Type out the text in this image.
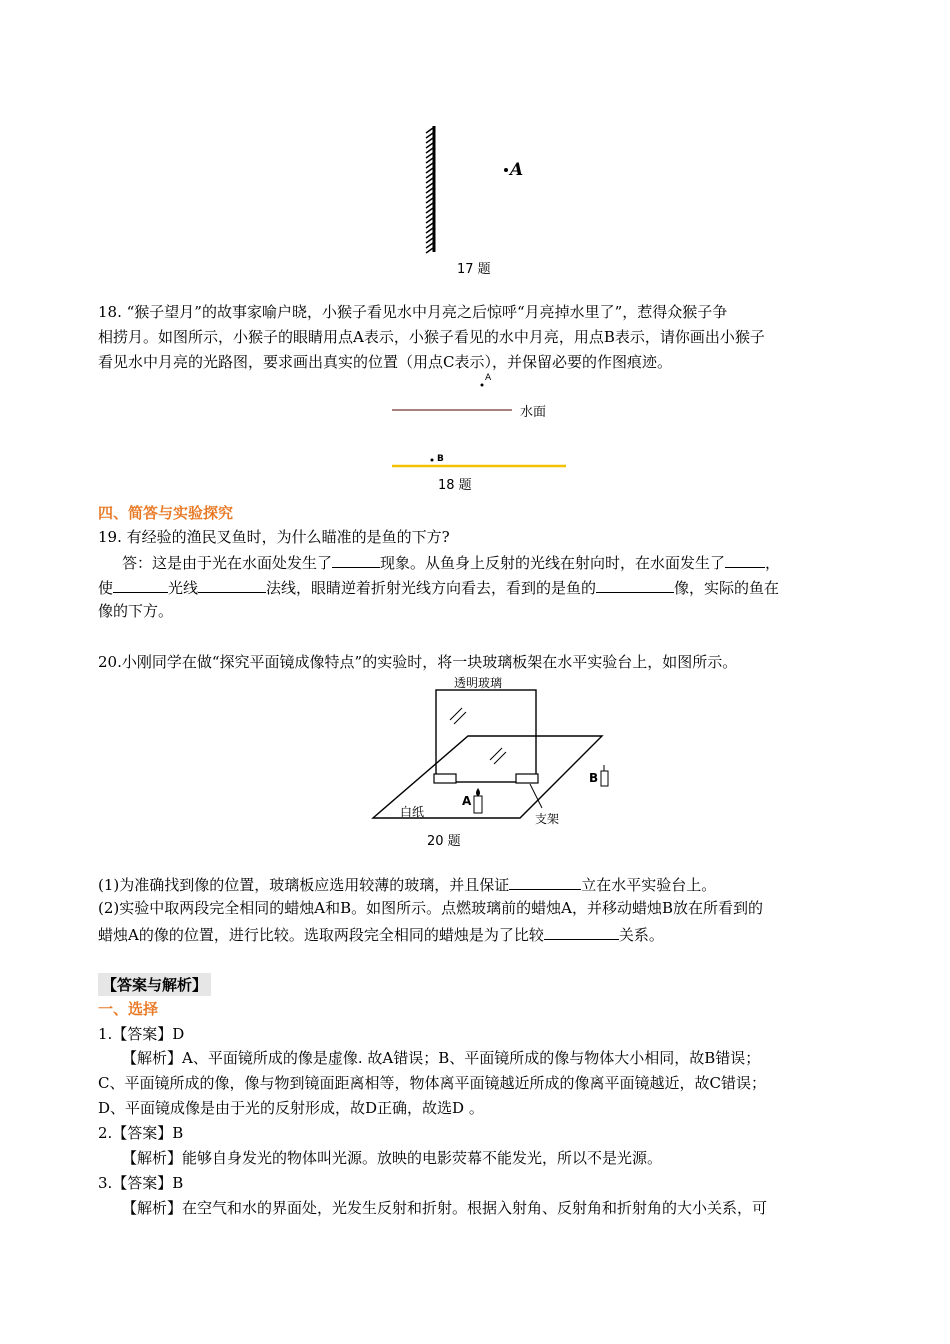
A
17 题
18. “猴子望月”的故事家喻户晓，小猴子看见水中月亮之后惊呼“月亮掉水里了”，惹得众猴子争
相捞月。如图所示，小猴子的眼睛用点A表示，小猴子看见的水中月亮，用点B表示，请你画出小猴子
看见水中月亮的光路图，要求画出真实的位置（用点C表示），并保留必要的作图痕迹。
A
水面
B
18 题
四、简答与实验探究
19. 有经验的渔民叉鱼时，为什么瞄准的是鱼的下方?
答：这是由于光在水面处发生了	现象。从鱼身上反射的光线在射向时，在水面发生了	，
使	光线	法线，眼睛逆着折射光线方向看去，看到的是鱼的	像，实际的鱼在
像的下方。
20.小刚同学在做“探究平面镜成像特点”的实验时，将一块玻璃板架在水平实验台上，如图所示。
透明玻璃
白纸
A
B
支架
20 题
(1)为准确找到像的位置，玻璃板应选用较薄的玻璃，并且保证	立在水平实验台上。
(2)实验中取两段完全相同的蜡烛A和B。如图所示。点燃玻璃前的蜡烛A，并移动蜡烛B放在所看到的
蜡烛A的像的位置，进行比较。选取两段完全相同的蜡烛是为了比较	关系。
【答案与解析】
一、选择
1.【答案】D
【解析】A、平面镜所成的像是虚像. 故A错误；B、平面镜所成的像与物体大小相同，故B错误；
C、平面镜所成的像，像与物到镜面距离相等，物体离平面镜越近所成的像离平面镜越近，故C错误；
D、平面镜成像是由于光的反射形成，故D正确，故选D 。
2.【答案】B
【解析】能够自身发光的物体叫光源。放映的电影荧幕不能发光，所以不是光源。
3.【答案】B
【解析】在空气和水的界面处，光发生反射和折射。根据入射角、反射角和折射角的大小关系，可
